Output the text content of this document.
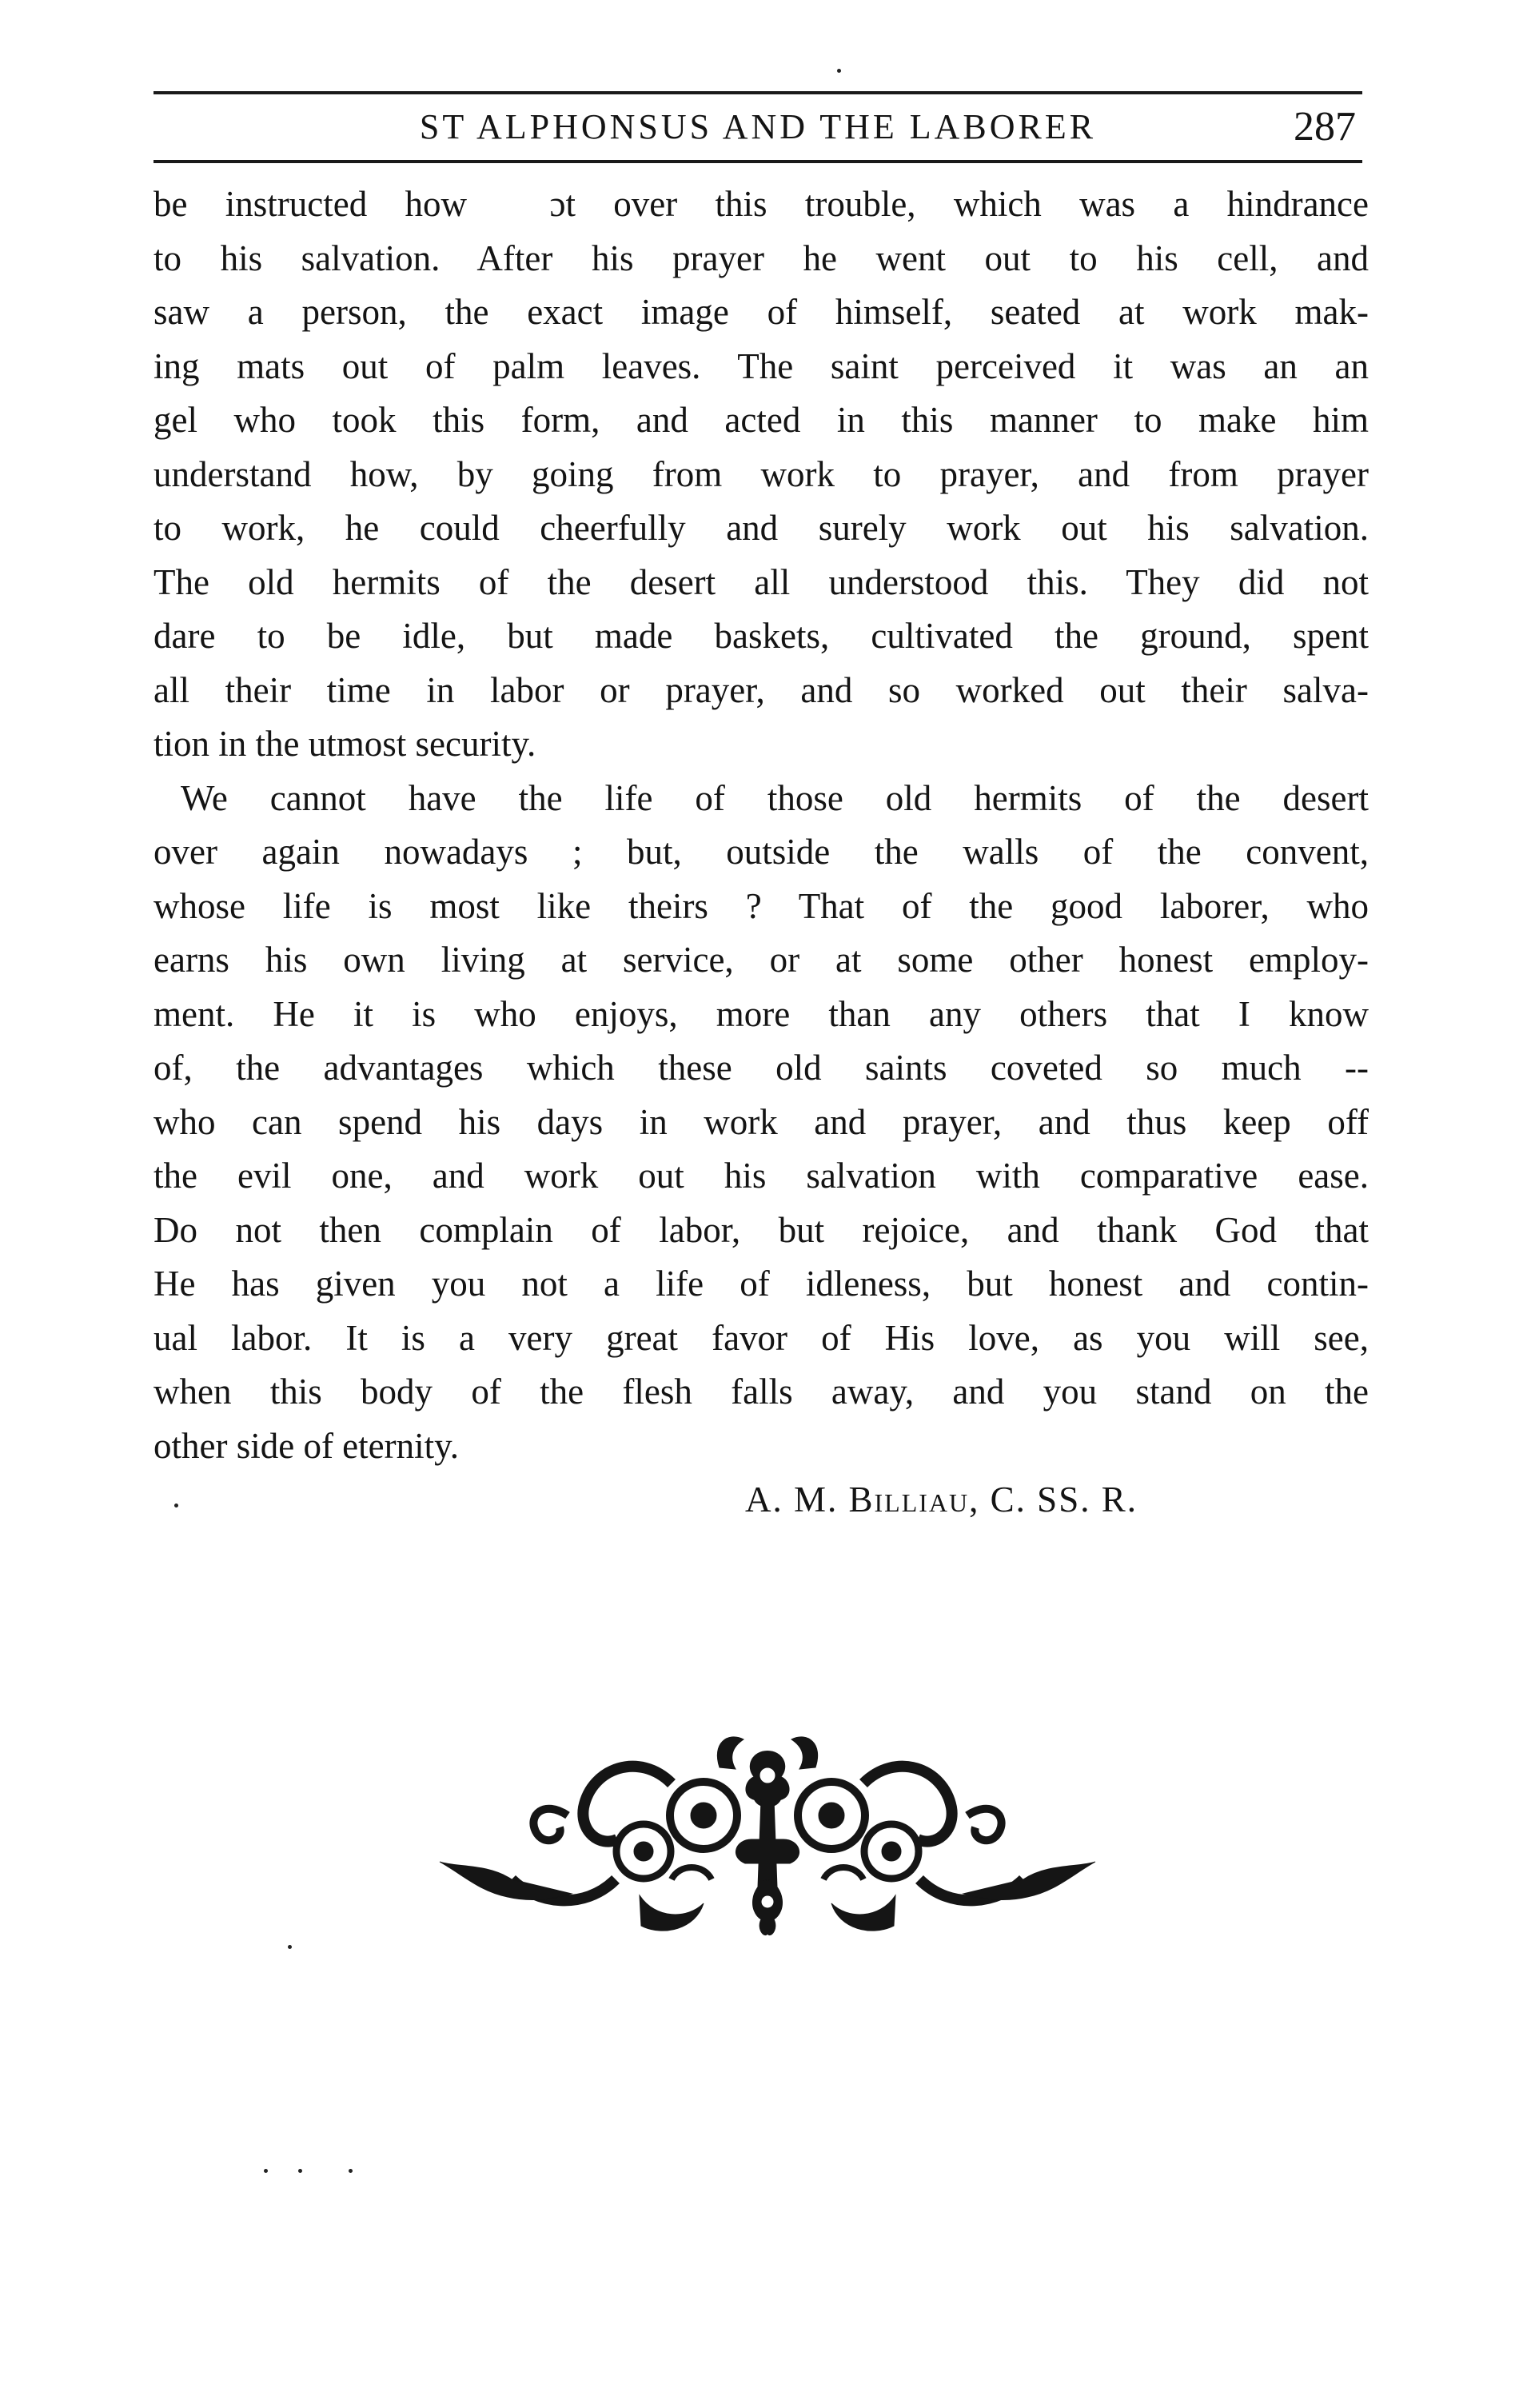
ST ALPHONSUS AND THE LABORER	287
be instructed how   ɔt over this trouble, which was a hindrance
to his salvation. After his prayer he went out to his cell, and
saw a person, the exact image of himself, seated at work mak-
ing mats out of palm leaves. The saint perceived it was an an
gel who took this form, and acted in this manner to make him
understand how, by going from work to prayer, and from prayer
to work, he could cheerfully and surely work out his salvation.
The old hermits of the desert all understood this. They did not
dare to be idle, but made baskets, cultivated the ground, spent
all their time in labor or prayer, and so worked out their salva-
tion in the utmost security.
We cannot have the life of those old hermits of the desert
over again nowadays ; but, outside the walls of the convent,
whose life is most like theirs ? That of the good laborer, who
earns his own living at service, or at some other honest employ-
ment. He it is who enjoys, more than any others that I know
of, the advantages which these old saints coveted so much --
who can spend his days in work and prayer, and thus keep off
the evil one, and work out his salvation with comparative ease.
Do not then complain of labor, but rejoice, and thank God that
He has given you not a life of idleness, but honest and contin-
ual labor. It is a very great favor of His love, as you will see,
when this body of the flesh falls away, and you stand on the
other side of eternity.
A. M. Billiau, C. SS. R.
